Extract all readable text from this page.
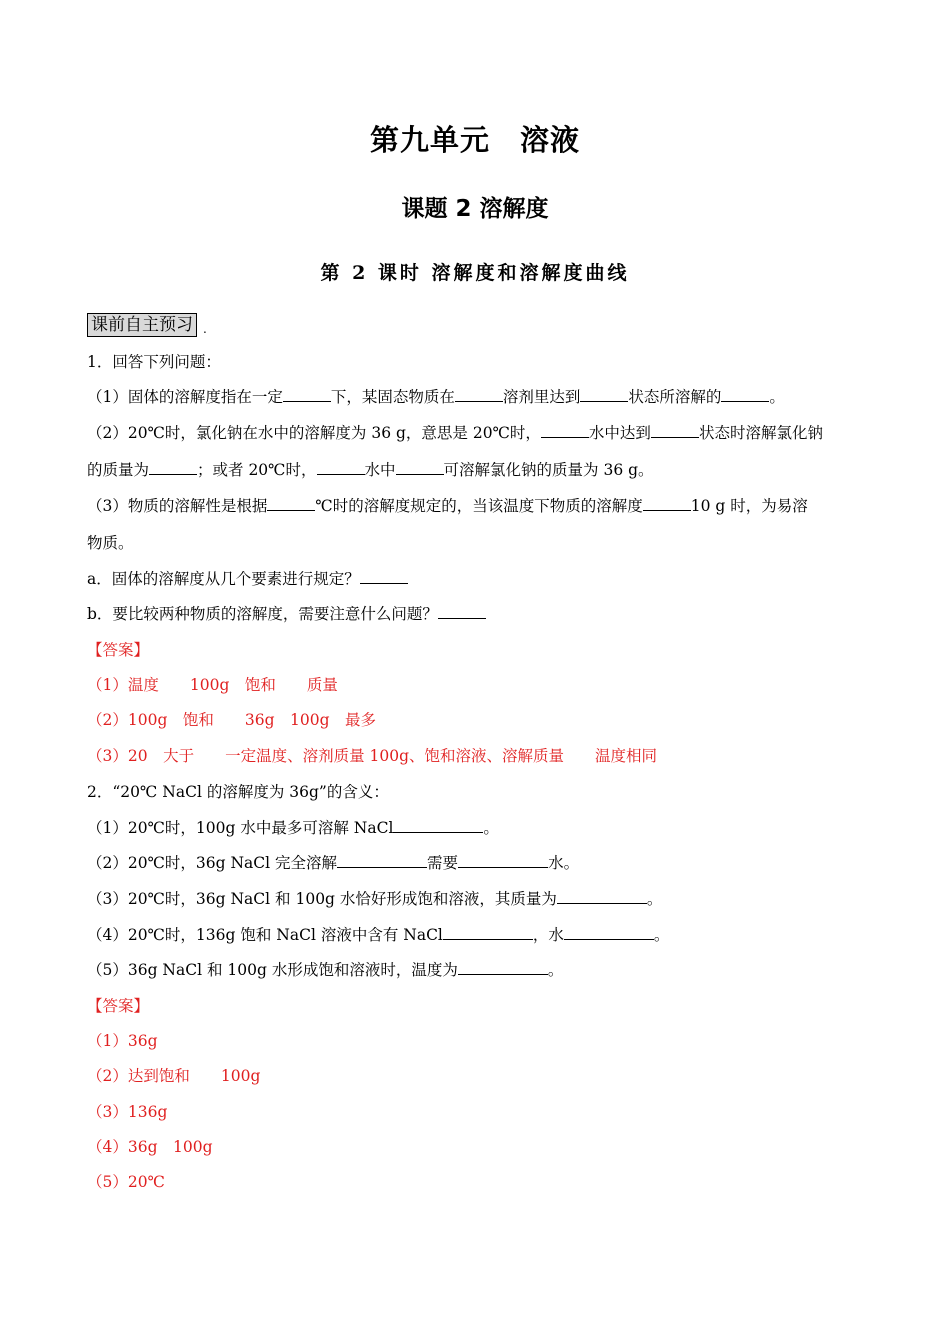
第九单元　溶液
课题 2 溶解度
第 2 课时 溶解度和溶解度曲线
课前自主预习 .
1．回答下列问题：
（1）固体的溶解度指在一定	下，某固态物质在	溶剂里达到	状态所溶解的	。
（2）20℃时，氯化钠在水中的溶解度为 36 g，意思是 20℃时，	水中达到	状态时溶解氯化钠
的质量为	；或者 20℃时，	水中	可溶解氯化钠的质量为 36 g。
（3）物质的溶解性是根据	℃时的溶解度规定的，当该温度下物质的溶解度	10 g 时，为易溶
物质。
a．固体的溶解度从几个要素进行规定？
b．要比较两种物质的溶解度，需要注意什么问题？
【答案】
（1）温度　　100g　饱和　　质量
（2）100g　饱和　　36g　100g　最多
（3）20　大于　　一定温度、溶剂质量 100g、饱和溶液、溶解质量　　温度相同
2．“20℃ NaCl 的溶解度为 36g”的含义：
（1）20℃时，100g 水中最多可溶解 NaCl	。
（2）20℃时，36g NaCl 完全溶解	需要	水。
（3）20℃时，36g NaCl 和 100g 水恰好形成饱和溶液，其质量为	。
（4）20℃时，136g 饱和 NaCl 溶液中含有 NaCl	，水	。
（5）36g NaCl 和 100g 水形成饱和溶液时，温度为	。
【答案】
（1）36g
（2）达到饱和　　100g
（3）136g
（4）36g　100g
（5）20℃
